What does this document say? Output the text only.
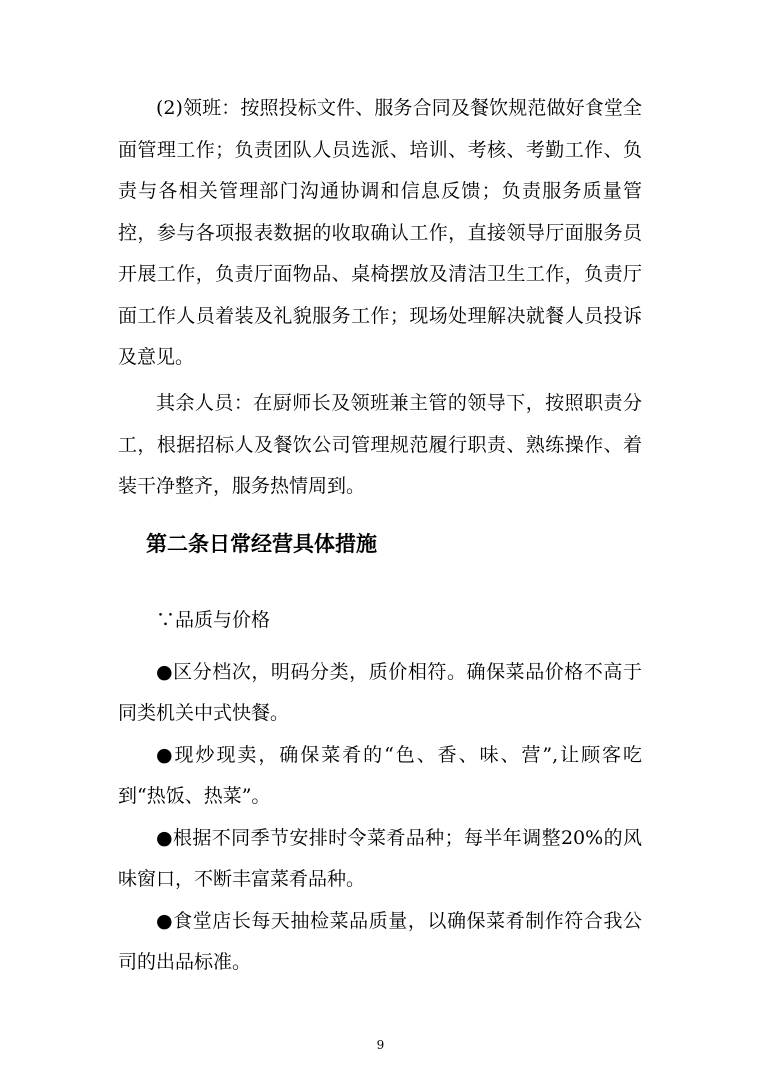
(2)领班：按照投标文件、服务合同及餐饮规范做好食堂全面管理工作；负责团队人员选派、培训、考核、考勤工作、负责与各相关管理部门沟通协调和信息反馈；负责服务质量管控，参与各项报表数据的收取确认工作，直接领导厅面服务员开展工作，负责厅面物品、桌椅摆放及清洁卫生工作，负责厅面工作人员着装及礼貌服务工作；现场处理解决就餐人员投诉及意见。

其余人员：在厨师长及领班兼主管的领导下，按照职责分工，根据招标人及餐饮公司管理规范履行职责、熟练操作、着装干净整齐，服务热情周到。

第二条日常经营具体措施

∵品质与价格

●区分档次，明码分类，质价相符。确保菜品价格不高于同类机关中式快餐。

●现炒现卖，确保菜肴的“色、香、味、营”,让顾客吃到“热饭、热菜”。

●根据不同季节安排时令菜肴品种；每半年调整20%的风味窗口，不断丰富菜肴品种。

●食堂店长每天抽检菜品质量，以确保菜肴制作符合我公司的出品标准。

9
